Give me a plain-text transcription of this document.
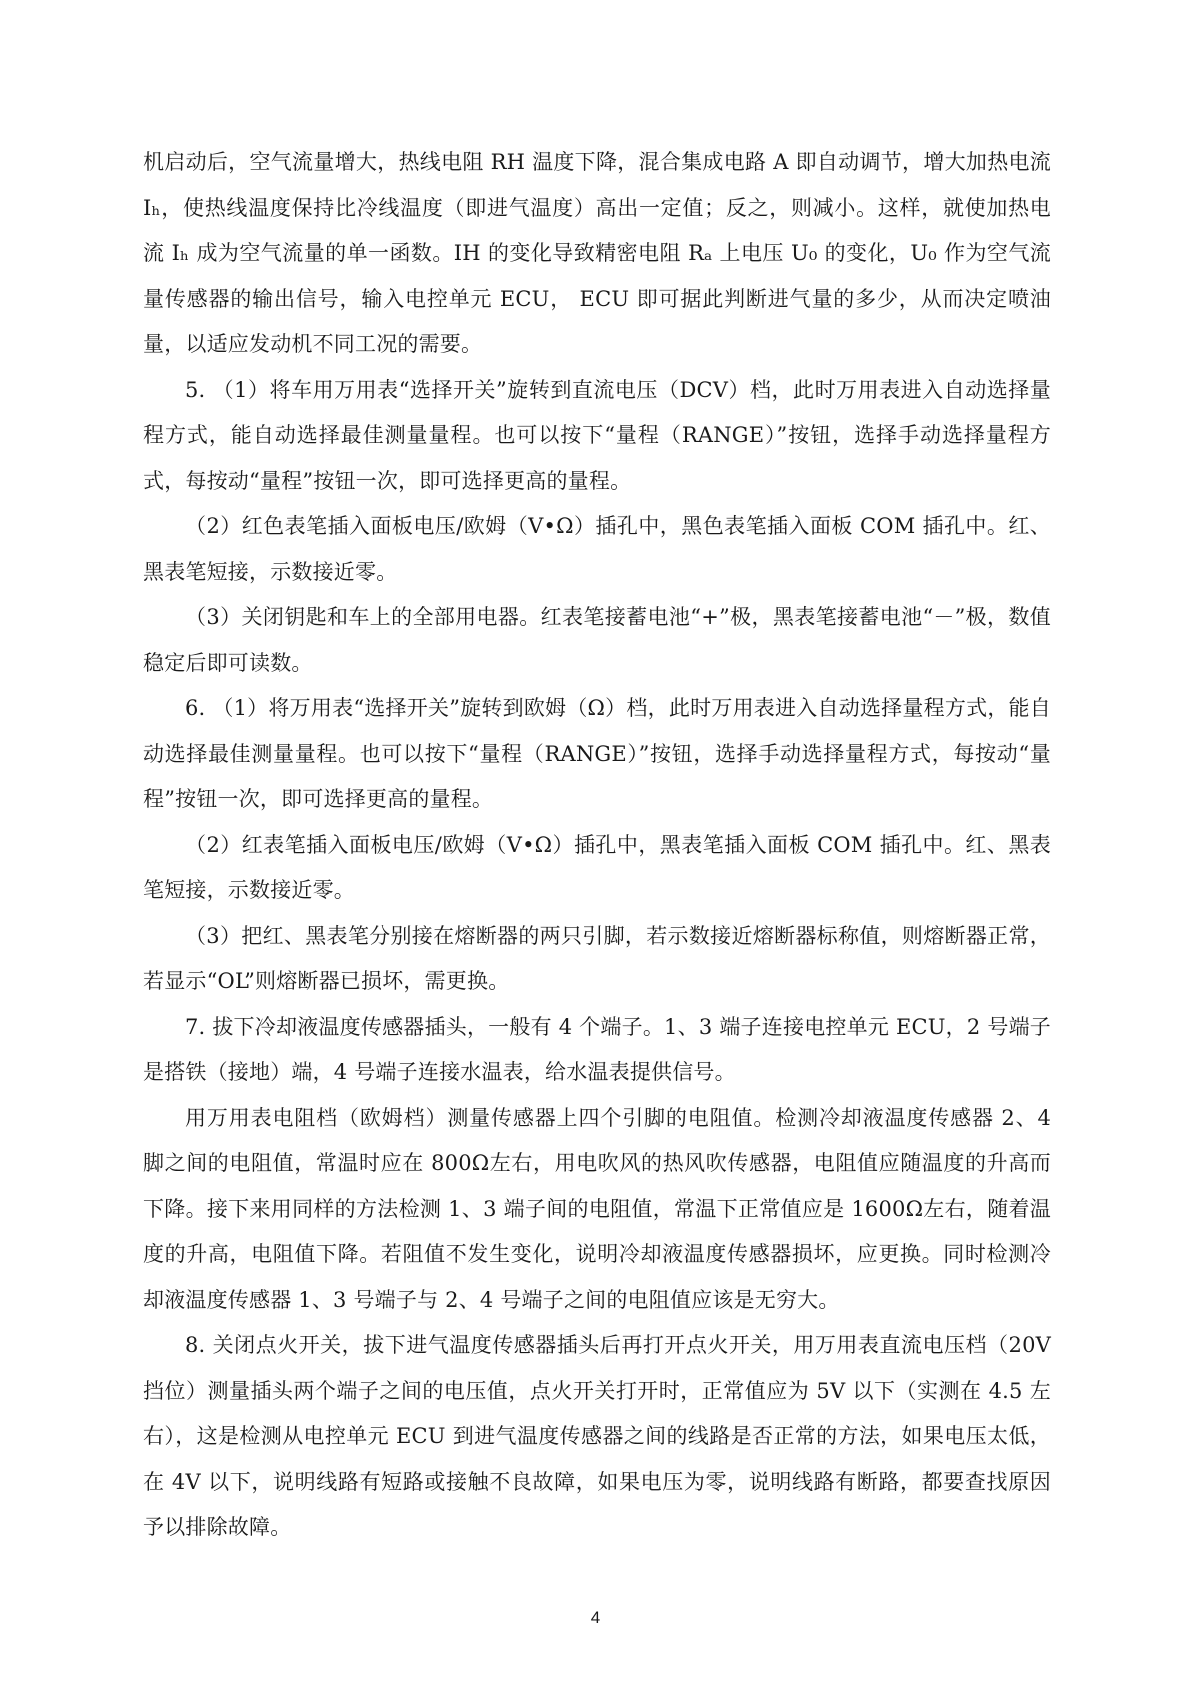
机启动后，空气流量增大，热线电阻 RH 温度下降，混合集成电路 A 即自动调节，增大加热电流 Iₕ，使热线温度保持比冷线温度（即进气温度）高出一定值；反之，则减小。这样，就使加热电流 Iₕ 成为空气流量的单一函数。IH 的变化导致精密电阻 Rₐ 上电压 U₀ 的变化，U₀ 作为空气流量传感器的输出信号，输入电控单元 ECU， ECU 即可据此判断进气量的多少，从而决定喷油量，以适应发动机不同工况的需要。

5. （1）将车用万用表“选择开关”旋转到直流电压（DCV）档，此时万用表进入自动选择量程方式，能自动选择最佳测量量程。也可以按下“量程（RANGE）”按钮，选择手动选择量程方式，每按动“量程”按钮一次，即可选择更高的量程。

（2）红色表笔插入面板电压/欧姆（V•Ω）插孔中，黑色表笔插入面板 COM 插孔中。红、黑表笔短接，示数接近零。

（3）关闭钥匙和车上的全部用电器。红表笔接蓄电池“+”极，黑表笔接蓄电池“－”极，数值稳定后即可读数。

6. （1）将万用表“选择开关”旋转到欧姆（Ω）档，此时万用表进入自动选择量程方式，能自动选择最佳测量量程。也可以按下“量程（RANGE）”按钮，选择手动选择量程方式，每按动“量程”按钮一次，即可选择更高的量程。

（2）红表笔插入面板电压/欧姆（V•Ω）插孔中，黑表笔插入面板 COM 插孔中。红、黑表笔短接，示数接近零。

（3）把红、黑表笔分别接在熔断器的两只引脚，若示数接近熔断器标称值，则熔断器正常，若显示“OL”则熔断器已损坏，需更换。

7. 拔下冷却液温度传感器插头，一般有 4 个端子。1、3 端子连接电控单元 ECU，2 号端子是搭铁（接地）端，4 号端子连接水温表，给水温表提供信号。

用万用表电阻档（欧姆档）测量传感器上四个引脚的电阻值。检测冷却液温度传感器 2、4 脚之间的电阻值，常温时应在 800Ω左右，用电吹风的热风吹传感器，电阻值应随温度的升高而下降。接下来用同样的方法检测 1、3 端子间的电阻值，常温下正常值应是 1600Ω左右，随着温度的升高，电阻值下降。若阻值不发生变化，说明冷却液温度传感器损坏，应更换。同时检测冷却液温度传感器 1、3 号端子与 2、4 号端子之间的电阻值应该是无穷大。

8. 关闭点火开关，拔下进气温度传感器插头后再打开点火开关，用万用表直流电压档（20V 挡位）测量插头两个端子之间的电压值，点火开关打开时，正常值应为 5V 以下（实测在 4.5 左右），这是检测从电控单元 ECU 到进气温度传感器之间的线路是否正常的方法，如果电压太低，在 4V 以下，说明线路有短路或接触不良故障，如果电压为零，说明线路有断路，都要查找原因予以排除故障。

4
